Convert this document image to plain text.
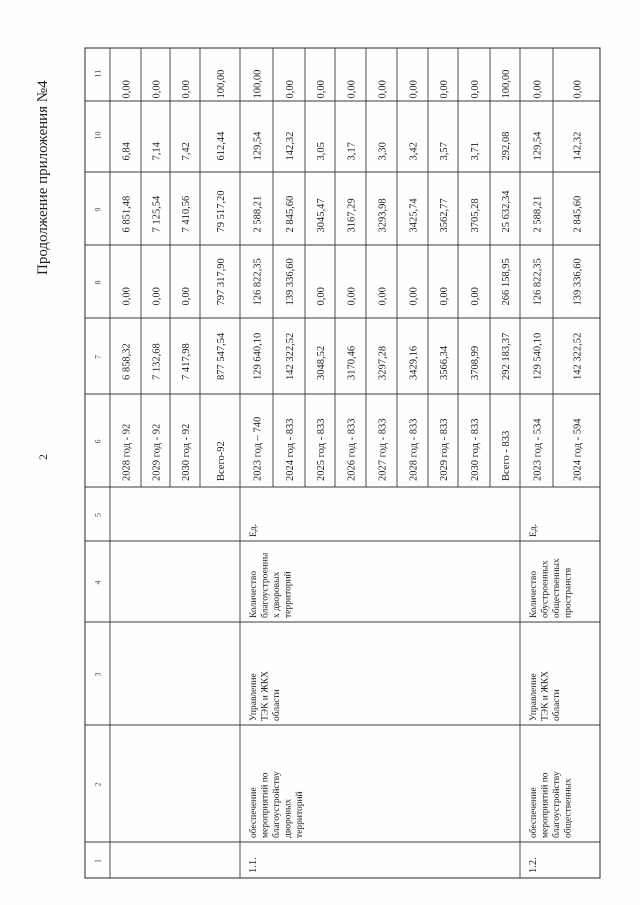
Продолжение приложения №4
2
1
2
3
4
5
6
7
8
9
10
11
2028 год - 92
6 858,32
0,00
6 851,48
6,84
0,00
2029 год - 92
7 132,68
0,00
7 125,54
7,14
0,00
2030 год - 92
7 417,98
0,00
7 410,56
7,42
0,00
Всего-92
877 547,54
797 317,90
79 517,20
612,44
100,00
2023 год – 740
129 640,10
126 822,35
2 588,21
129,54
100,00
2024 год - 833
142 322,52
139 336,60
2 845,60
142,32
0,00
2025 год - 833
3048,52
0,00
3045,47
3,05
0,00
2026 год - 833
3170,46
0,00
3167,29
3,17
0,00
2027 год - 833
3297,28
0,00
3293,98
3,30
0,00
2028 год - 833
3429,16
0,00
3425,74
3,42
0,00
2029 год - 833
3566,34
0,00
3562,77
3,57
0,00
2030 год - 833
3708,99
0,00
3705,28
3,71
0,00
Всего - 833
292 183,37
266 158,95
25 632,34
292,08
100,00
2023 год - 534
129 540,10
126 822,35
2 588,21
129,54
0,00
2024 год - 594
142 322,52
139 336,60
2 845,60
142,32
0,00
1.1.
обеспечение мероприятий по благоустройству дворовых территорий
Управление ТЭК и ЖКХ области
Количество благоустроенны х дворовых территорий
Ед.
1.2.
обеспечение мероприятий по благоустройству общественных
Управление ТЭК и ЖКХ области
Количество обустроенных общественных пространств
Ед.
